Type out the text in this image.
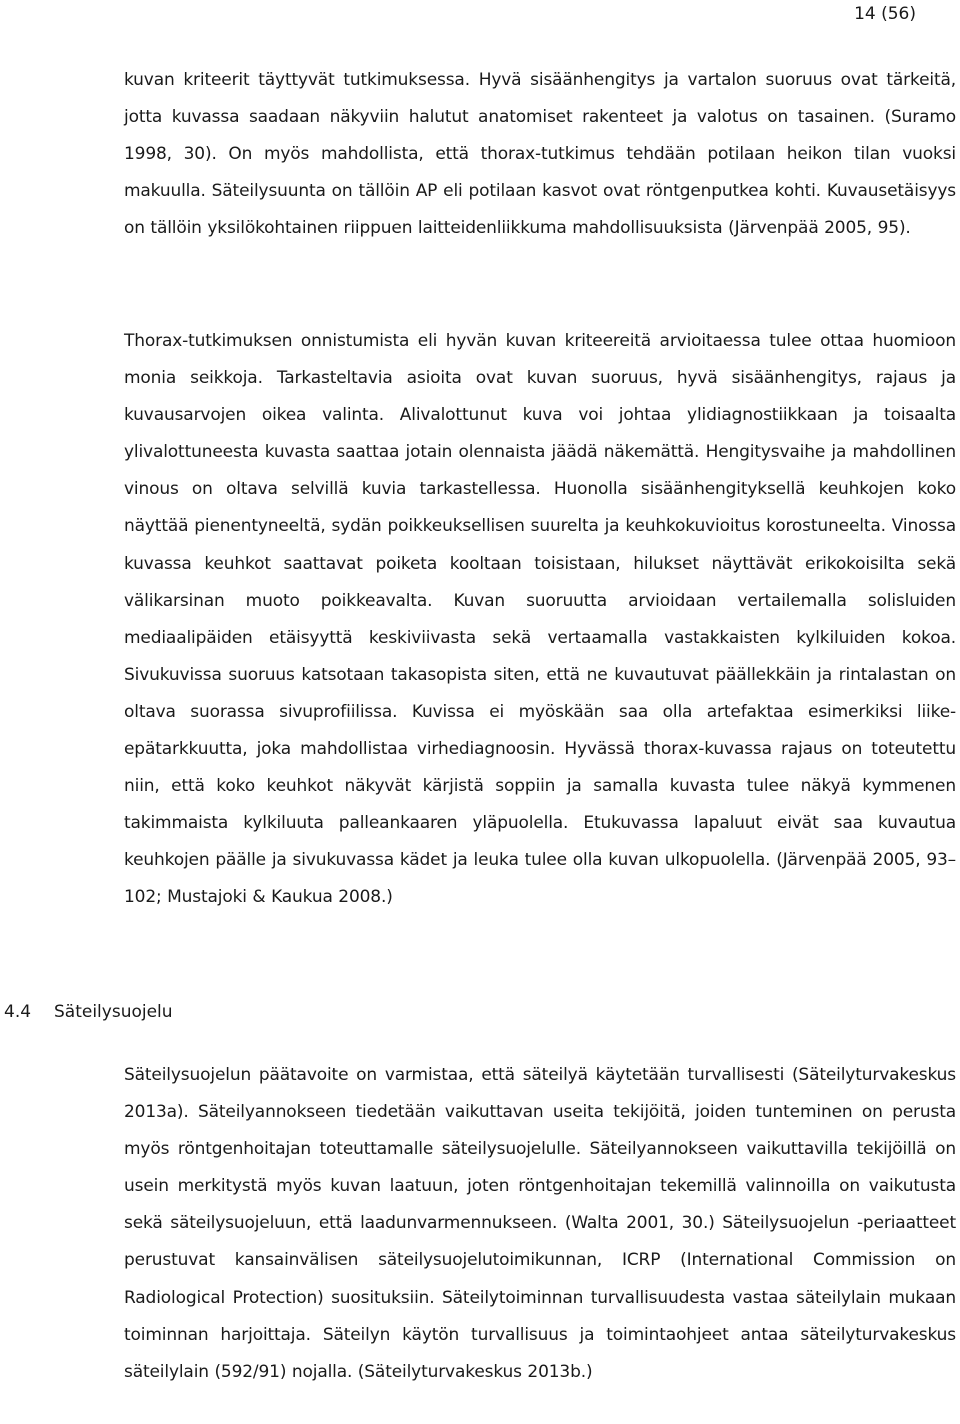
14 (56)

kuvan kriteerit täyttyvät tutkimuksessa. Hyvä sisäänhengitys ja vartalon suoruus ovat tärkeitä, jotta kuvassa saadaan näkyviin halutut anatomiset rakenteet ja valotus on tasainen. (Suramo 1998, 30). On myös mahdollista, että thorax-tutkimus tehdään potilaan heikon tilan vuoksi makuulla. Säteilysuunta on tällöin AP eli potilaan kasvot ovat röntgenputkea kohti. Kuvausetäisyys on tällöin yksilökohtainen riippuen laitteidenliikkuma mahdollisuuksista (Järvenpää 2005, 95).

Thorax-tutkimuksen onnistumista eli hyvän kuvan kriteereitä arvioitaessa tulee ottaa huomioon monia seikkoja. Tarkasteltavia asioita ovat kuvan suoruus, hyvä sisäänhengitys, rajaus ja kuvausarvojen oikea valinta. Alivalottunut kuva voi johtaa ylidiagnostiikkaan ja toisaalta ylivalottuneesta kuvasta saattaa jotain olennaista jäädä näkemättä. Hengitysvaihe ja mahdollinen vinous on oltava selvillä kuvia tarkastellessa. Huonolla sisäänhengityksellä keuhkojen koko näyttää pienentyneeltä, sydän poikkeuksellisen suurelta ja keuhkokuvioitus korostuneelta. Vinossa kuvassa keuhkot saattavat poiketa kooltaan toisistaan, hilukset näyttävät erikokoisilta sekä välikarsinan muoto poikkeavalta. Kuvan suoruutta arvioidaan vertailemalla solisluiden mediaalipäiden etäisyyttä keskiviivasta sekä vertaamalla vastakkaisten kylkiluiden kokoa. Sivukuvissa suoruus katsotaan takasopista siten, että ne kuvautuvat päällekkäin ja rintalastan on oltava suorassa sivuprofiilissa. Kuvissa ei myöskään saa olla artefaktaa esimerkiksi liike-epätarkkuutta, joka mahdollistaa virhediagnoosin. Hyvässä thorax-kuvassa rajaus on toteutettu niin, että koko keuhkot näkyvät kärjistä soppiin ja samalla kuvasta tulee näkyä kymmenen takimmaista kylkiluuta palleankaaren yläpuolella. Etukuvassa lapaluut eivät saa kuvautua keuhkojen päälle ja sivukuvassa kädet ja leuka tulee olla kuvan ulkopuolella. (Järvenpää 2005, 93–102; Mustajoki & Kaukua 2008.)

4.4 Säteilysuojelu

Säteilysuojelun päätavoite on varmistaa, että säteilyä käytetään turvallisesti (Säteilyturvakeskus 2013a). Säteilyannokseen tiedetään vaikuttavan useita tekijöitä, joiden tunteminen on perusta myös röntgenhoitajan toteuttamalle säteilysuojelulle. Säteilyannokseen vaikuttavilla tekijöillä on usein merkitystä myös kuvan laatuun, joten röntgenhoitajan tekemillä valinnoilla on vaikutusta sekä säteilysuojeluun, että laadunvarmennukseen. (Walta 2001, 30.) Säteilysuojelun -periaatteet perustuvat kansainvälisen säteilysuojelutoimikunnan, ICRP (International Commission on Radiological Protection) suosituksiin. Säteilytoiminnan turvallisuudesta vastaa säteilylain mukaan toiminnan harjoittaja. Säteilyn käytön turvallisuus ja toimintaohjeet antaa säteilyturvakeskus säteilylain (592/91) nojalla. (Säteilyturvakeskus 2013b.)
